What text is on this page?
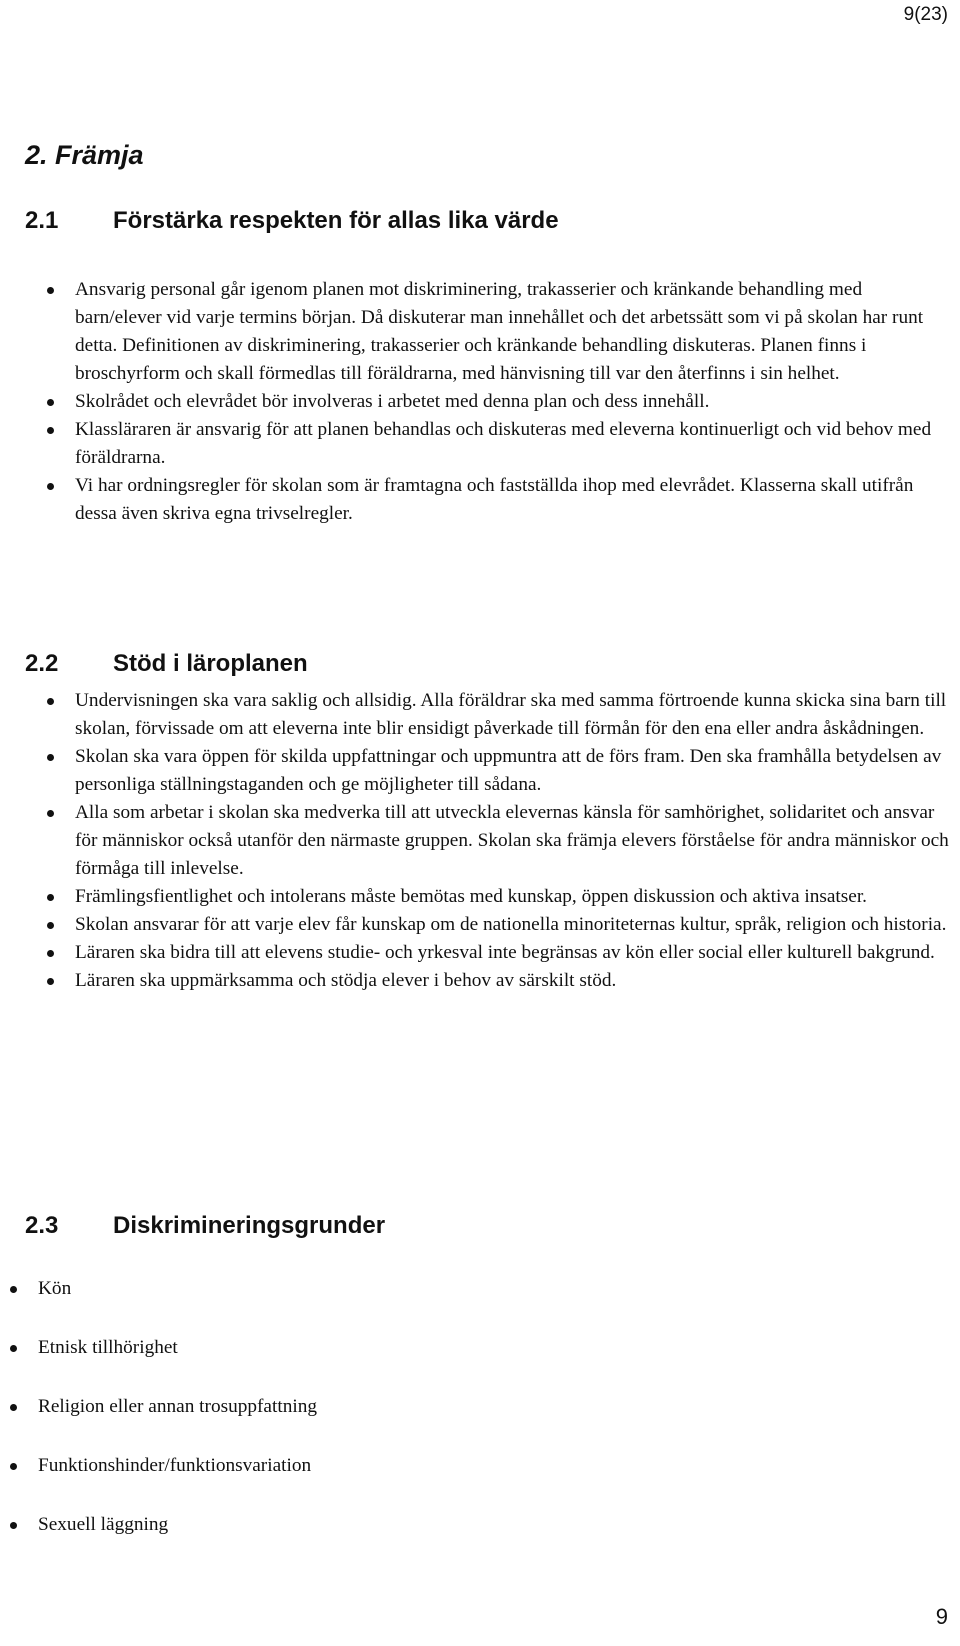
9(23)
2. Främja
2.1	Förstärka respekten för allas lika värde
Ansvarig personal går igenom planen mot diskriminering, trakasserier och kränkande behandling med barn/elever vid varje termins början. Då diskuterar man innehållet och det arbetssätt som vi på skolan har runt detta. Definitionen av diskriminering, trakasserier och kränkande behandling diskuteras. Planen finns i broschyrform och skall förmedlas till föräldrarna, med hänvisning till var den återfinns i sin helhet.
Skolrådet och elevrådet bör involveras i arbetet med denna plan och dess innehåll.
Klassläraren är ansvarig för att planen behandlas och diskuteras med eleverna kontinuerligt och vid behov med föräldrarna.
Vi har ordningsregler för skolan som är framtagna och fastställda ihop med elevrådet. Klasserna skall utifrån dessa även skriva egna trivselregler.
2.2	Stöd i läroplanen
Undervisningen ska vara saklig och allsidig. Alla föräldrar ska med samma förtroende kunna skicka sina barn till skolan, förvissade om att eleverna inte blir ensidigt påverkade till förmån för den ena eller andra åskådningen.
Skolan ska vara öppen för skilda uppfattningar och uppmuntra att de förs fram. Den ska framhålla betydelsen av personliga ställningstaganden och ge möjligheter till sådana.
Alla som arbetar i skolan ska medverka till att utveckla elevernas känsla för samhörighet, solidaritet och ansvar för människor också utanför den närmaste gruppen. Skolan ska främja elevers förståelse för andra människor och förmåga till inlevelse.
Främlingsfientlighet och intolerans måste bemötas med kunskap, öppen diskussion och aktiva insatser.
Skolan ansvarar för att varje elev får kunskap om de nationella minoriteternas kultur, språk, religion och historia.
Läraren ska bidra till att elevens studie- och yrkesval inte begränsas av kön eller social eller kulturell bakgrund.
Läraren ska uppmärksamma och stödja elever i behov av särskilt stöd.
2.3	Diskrimineringsgrunder
Kön
Etnisk tillhörighet
Religion eller annan trosuppfattning
Funktionshinder/funktionsvariation
Sexuell läggning
9
